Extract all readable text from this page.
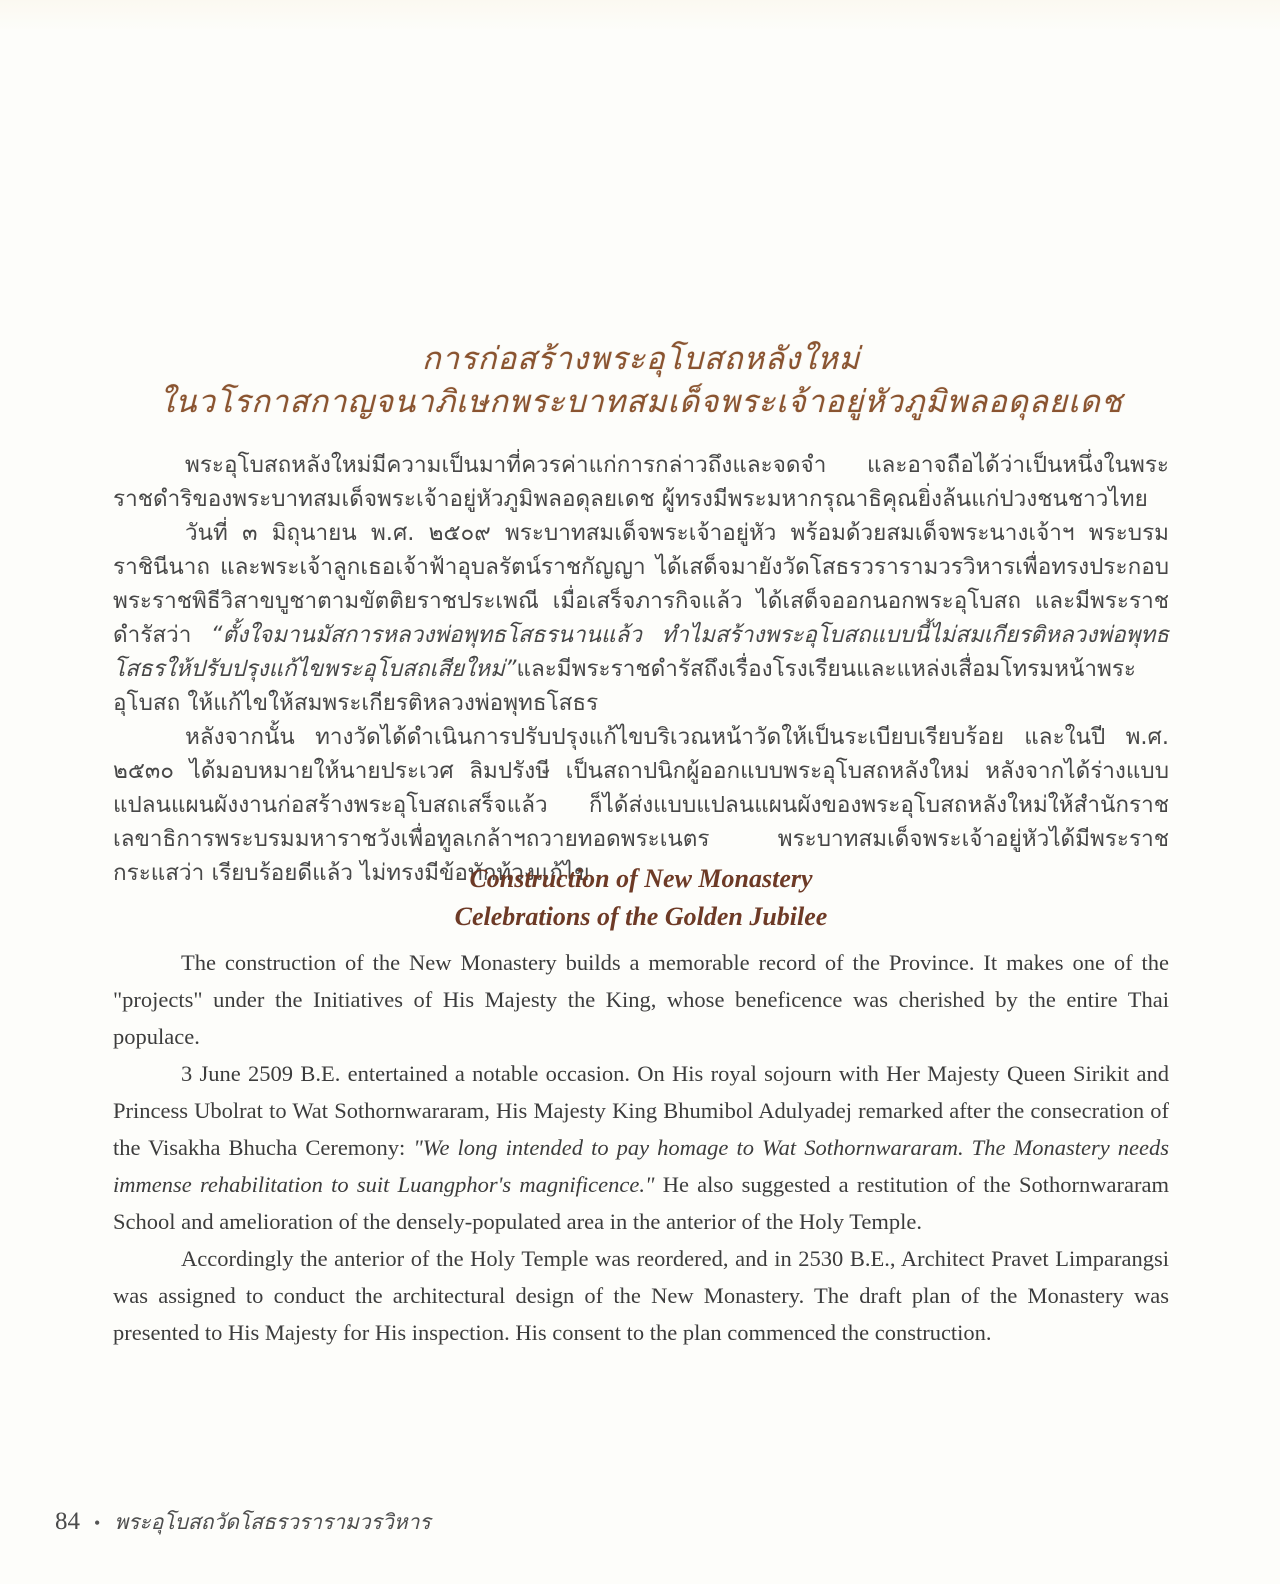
การก่อสร้างพระอุโบสถหลังใหม่
ในวโรกาสกาญจนาภิเษกพระบาทสมเด็จพระเจ้าอยู่หัวภูมิพลอดุลยเดช

พระอุโบสถหลังใหม่มีความเป็นมาที่ควรค่าแก่การกล่าวถึงและจดจำ และอาจถือได้ว่าเป็นหนึ่งในพระราชดำริของพระบาทสมเด็จพระเจ้าอยู่หัวภูมิพลอดุลยเดช ผู้ทรงมีพระมหากรุณาธิคุณยิ่งล้นแก่ปวงชนชาวไทย

วันที่ ๓ มิถุนายน พ.ศ. ๒๕๐๙ พระบาทสมเด็จพระเจ้าอยู่หัว พร้อมด้วยสมเด็จพระนางเจ้าฯ พระบรมราชินีนาถ และพระเจ้าลูกเธอเจ้าฟ้าอุบลรัตน์ราชกัญญา ได้เสด็จมายังวัดโสธรวรารามวรวิหารเพื่อทรงประกอบพระราชพิธีวิสาขบูชาตามขัตติยราชประเพณี เมื่อเสร็จภารกิจแล้ว ได้เสด็จออกนอกพระอุโบสถ และมีพระราชดำรัสว่า “ตั้งใจมานมัสการหลวงพ่อพุทธโสธรนานแล้ว ทำไมสร้างพระอุโบสถแบบนี้ไม่สมเกียรติหลวงพ่อพุทธโสธรให้ปรับปรุงแก้ไขพระอุโบสถเสียใหม่”และมีพระราชดำรัสถึงเรื่องโรงเรียนและแหล่งเสื่อมโทรมหน้าพระอุโบสถ ให้แก้ไขให้สมพระเกียรติหลวงพ่อพุทธโสธร

หลังจากนั้น ทางวัดได้ดำเนินการปรับปรุงแก้ไขบริเวณหน้าวัดให้เป็นระเบียบเรียบร้อย และในปี พ.ศ. ๒๕๓๐ ได้มอบหมายให้นายประเวศ ลิมปรังษี เป็นสถาปนิกผู้ออกแบบพระอุโบสถหลังใหม่ หลังจากได้ร่างแบบแปลนแผนผังงานก่อสร้างพระอุโบสถเสร็จแล้ว ก็ได้ส่งแบบแปลนแผนผังของพระอุโบสถหลังใหม่ให้สำนักราชเลขาธิการพระบรมมหาราชวังเพื่อทูลเกล้าฯถวายทอดพระเนตร พระบาทสมเด็จพระเจ้าอยู่หัวได้มีพระราชกระแสว่า เรียบร้อยดีแล้ว ไม่ทรงมีข้อทักท้วงแก้ไข

Construction of New Monastery
Celebrations of the Golden Jubilee

The construction of the New Monastery builds a memorable record of the Province. It makes one of the "projects" under the Initiatives of His Majesty the King, whose beneficence was cherished by the entire Thai populace.

3 June 2509 B.E. entertained a notable occasion. On His royal sojourn with Her Majesty Queen Sirikit and Princess Ubolrat to Wat Sothornwararam, His Majesty King Bhumibol Adulyadej remarked after the consecration of the Visakha Bhucha Ceremony: "We long intended to pay homage to Wat Sothornwararam. The Monastery needs immense rehabilitation to suit Luangphor's magnificence." He also suggested a restitution of the Sothornwararam School and amelioration of the densely-populated area in the anterior of the Holy Temple.

Accordingly the anterior of the Holy Temple was reordered, and in 2530 B.E., Architect Pravet Limparangsi was assigned to conduct the architectural design of the New Monastery. The draft plan of the Monastery was presented to His Majesty for His inspection. His consent to the plan commenced the construction.

84 • พระอุโบสถวัดโสธรวรารามวรวิหาร
